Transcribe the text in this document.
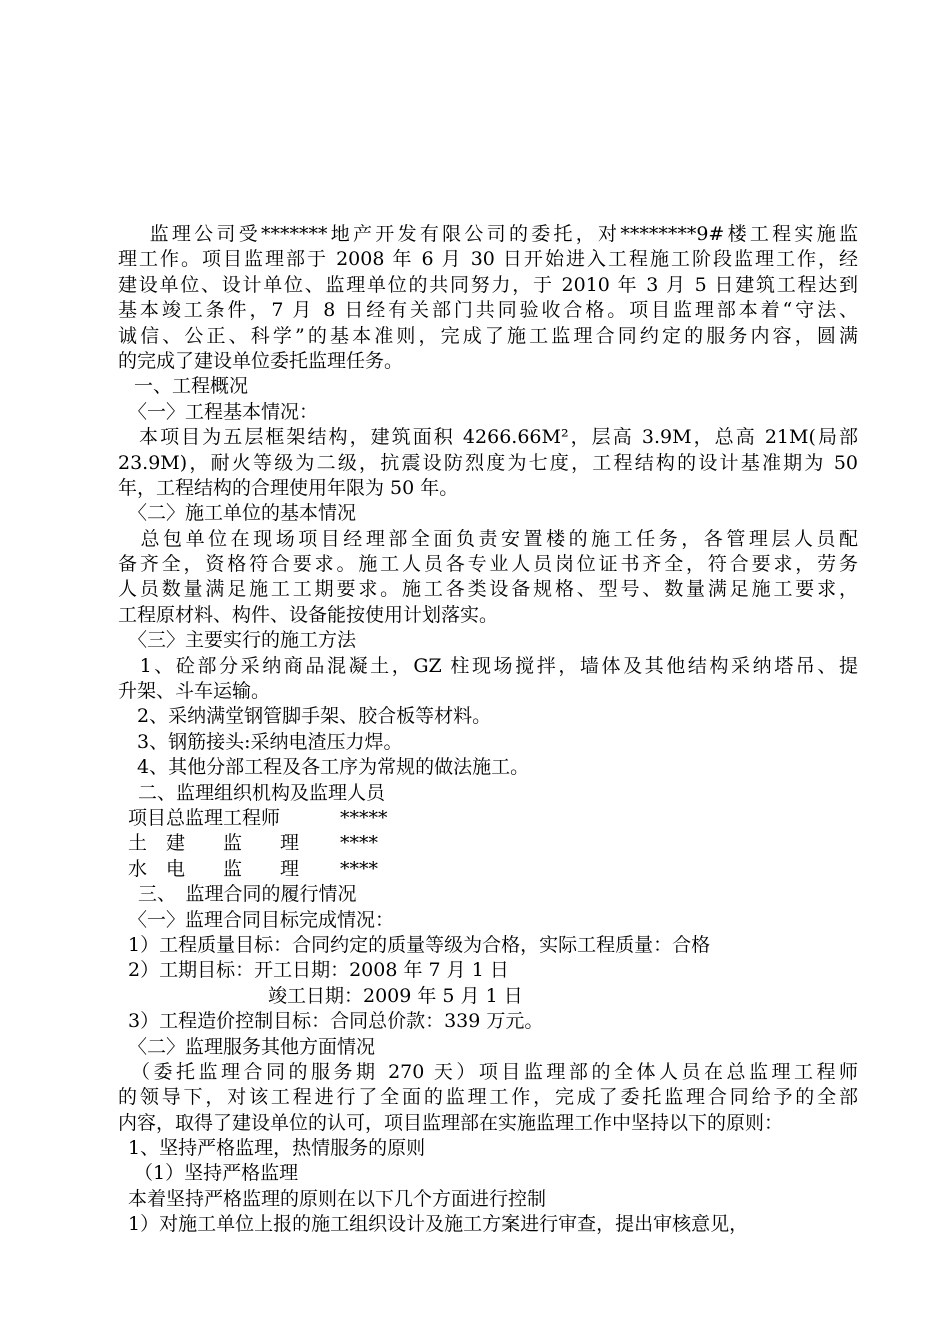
　 监理公司受*******地产开发有限公司的委托，对********9#楼工程实施监
理工作。项目监理部于 2008 年 6 月 30 日开始进入工程施工阶段监理工作，经
建设单位、设计单位、监理单位的共同努力，于 2010 年 3 月 5 日建筑工程达到
基本竣工条件，7 月 8 日经有关部门共同验收合格。项目监理部本着“守法、
诚信、公正、科学”的基本准则，完成了施工监理合同约定的服务内容，圆满
的完成了建设单位委托监理任务。
一、工程概况
〈一〉工程基本情况：
　本项目为五层框架结构，建筑面积 4266.66M²，层高 3.9M，总高 21M(局部
23.9M)，耐火等级为二级，抗震设防烈度为七度，工程结构的设计基准期为 50
年，工程结构的合理使用年限为 50 年。
〈二〉施工单位的基本情况
　总包单位在现场项目经理部全面负责安置楼的施工任务，各管理层人员配
备齐全，资格符合要求。施工人员各专业人员岗位证书齐全，符合要求，劳务
人员数量满足施工工期要求。施工各类设备规格、型号、数量满足施工要求，
工程原材料、构件、设备能按使用计划落实。
〈三〉主要实行的施工方法
　1、砼部分采纳商品混凝土，GZ 柱现场搅拌，墙体及其他结构采纳塔吊、提
升架、斗车运输。
　2、采纳满堂钢管脚手架、胶合板等材料。
　3、钢筋接头:采纳电渣压力焊。
　4、其他分部工程及各工序为常规的做法施工。
二、监理组织机构及监理人员
项目总监理工程师	*****
土　建　　监　　理	****
水　电　　监　　理	****
三、　监理合同的履行情况
〈一〉监理合同目标完成情况：
1）工程质量目标：合同约定的质量等级为合格，实际工程质量：合格
2）工期目标：开工日期：2008 年 7 月 1 日
竣工日期：2009 年 5 月 1 日
3）工程造价控制目标：合同总价款：339 万元。
〈二〉监理服务其他方面情况
　（委托监理合同的服务期 270 天）项目监理部的全体人员在总监理工程师
的领导下，对该工程进行了全面的监理工作，完成了委托监理合同给予的全部
内容，取得了建设单位的认可，项目监理部在实施监理工作中坚持以下的原则：
1、坚持严格监理，热情服务的原则
（1）坚持严格监理
本着坚持严格监理的原则在以下几个方面进行控制
1）对施工单位上报的施工组织设计及施工方案进行审查，提出审核意见，
